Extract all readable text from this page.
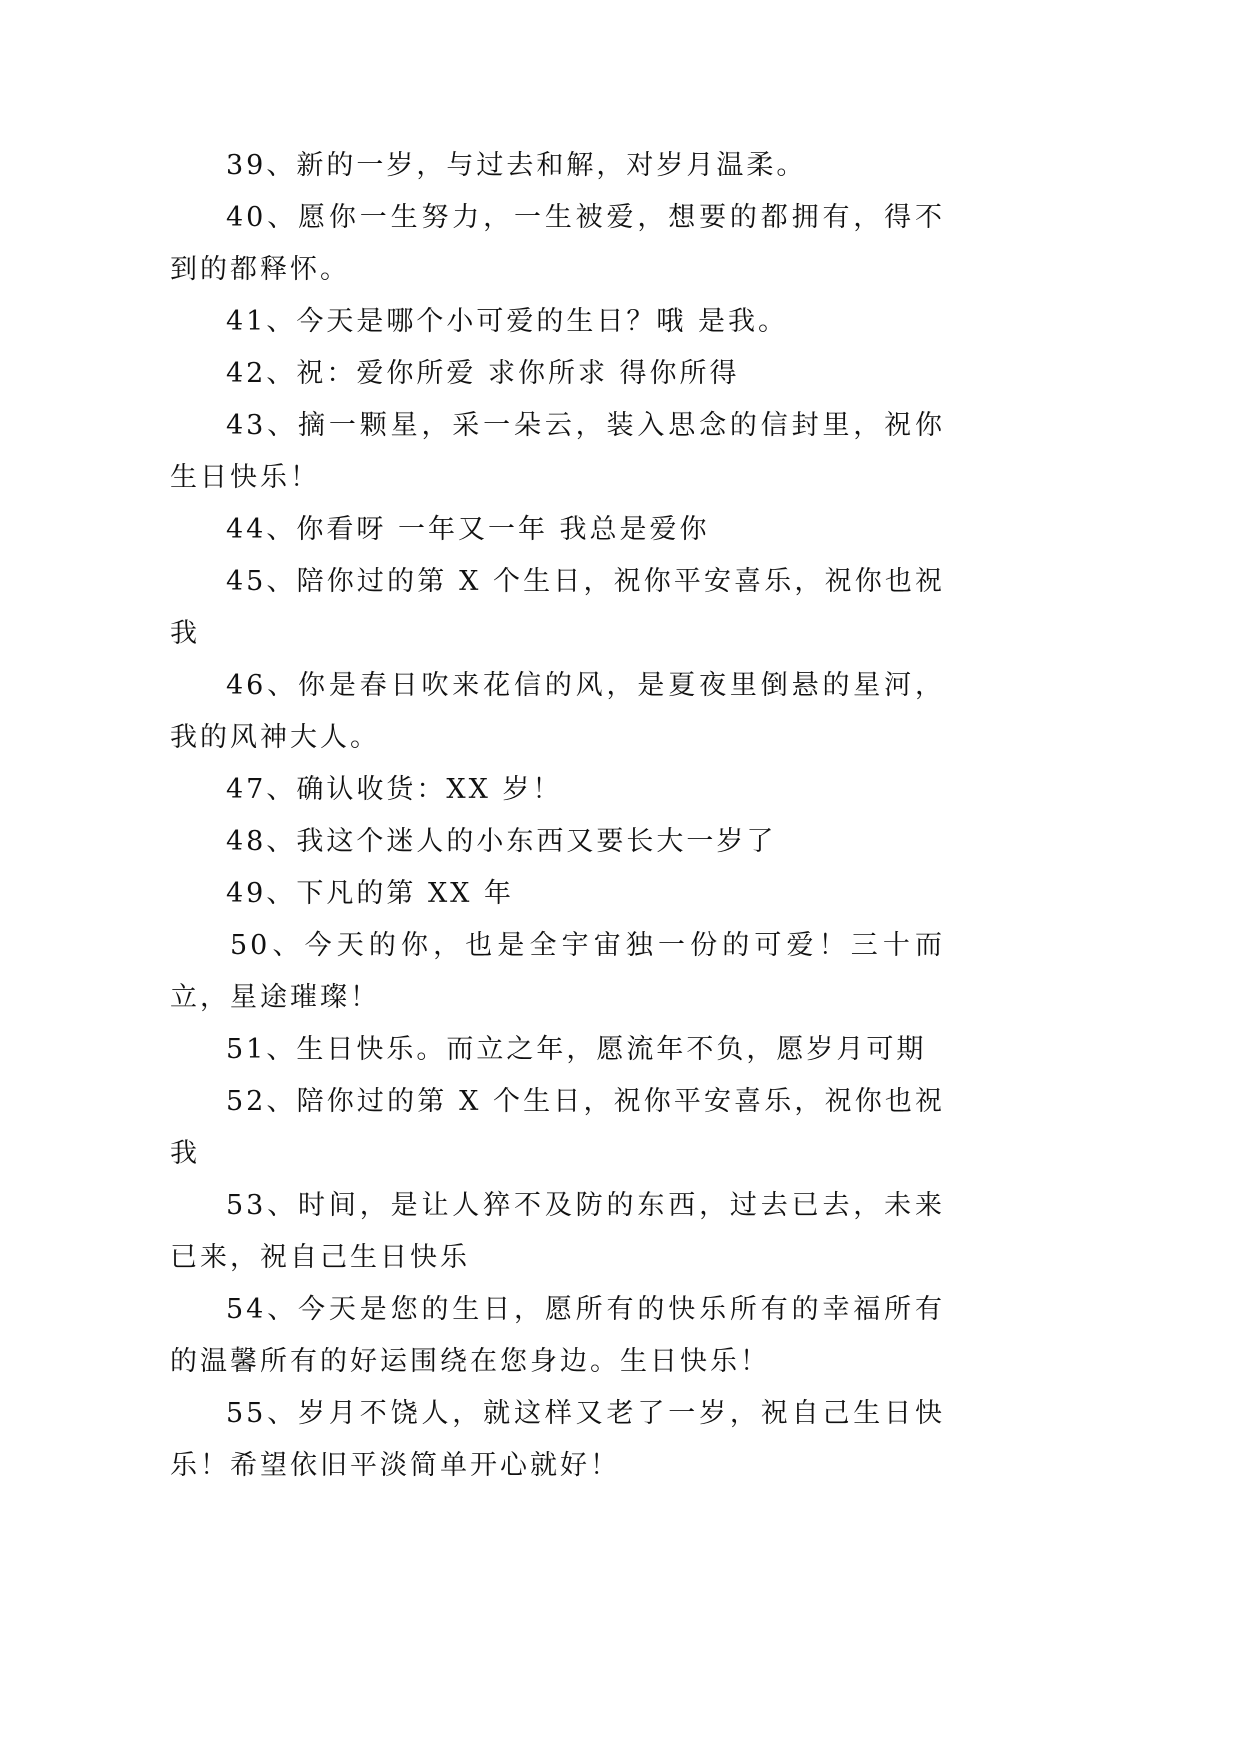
39、新的一岁，与过去和解，对岁月温柔。

40、愿你一生努力，一生被爱，想要的都拥有，得不到的都释怀。

41、今天是哪个小可爱的生日？哦 是我。

42、祝：爱你所爱 求你所求 得你所得

43、摘一颗星，采一朵云，装入思念的信封里，祝你生日快乐！

44、你看呀 一年又一年 我总是爱你

45、陪你过的第 X 个生日，祝你平安喜乐，祝你也祝我

46、你是春日吹来花信的风，是夏夜里倒悬的星河，我的风神大人。

47、确认收货：XX 岁！

48、我这个迷人的小东西又要长大一岁了

49、下凡的第 XX 年

50、今天的你，也是全宇宙独一份的可爱！三十而立，星途璀璨！

51、生日快乐。而立之年，愿流年不负，愿岁月可期

52、陪你过的第 X 个生日，祝你平安喜乐，祝你也祝我

53、时间，是让人猝不及防的东西，过去已去，未来已来，祝自己生日快乐

54、今天是您的生日，愿所有的快乐所有的幸福所有的温馨所有的好运围绕在您身边。生日快乐！

55、岁月不饶人，就这样又老了一岁，祝自己生日快乐！希望依旧平淡简单开心就好！
